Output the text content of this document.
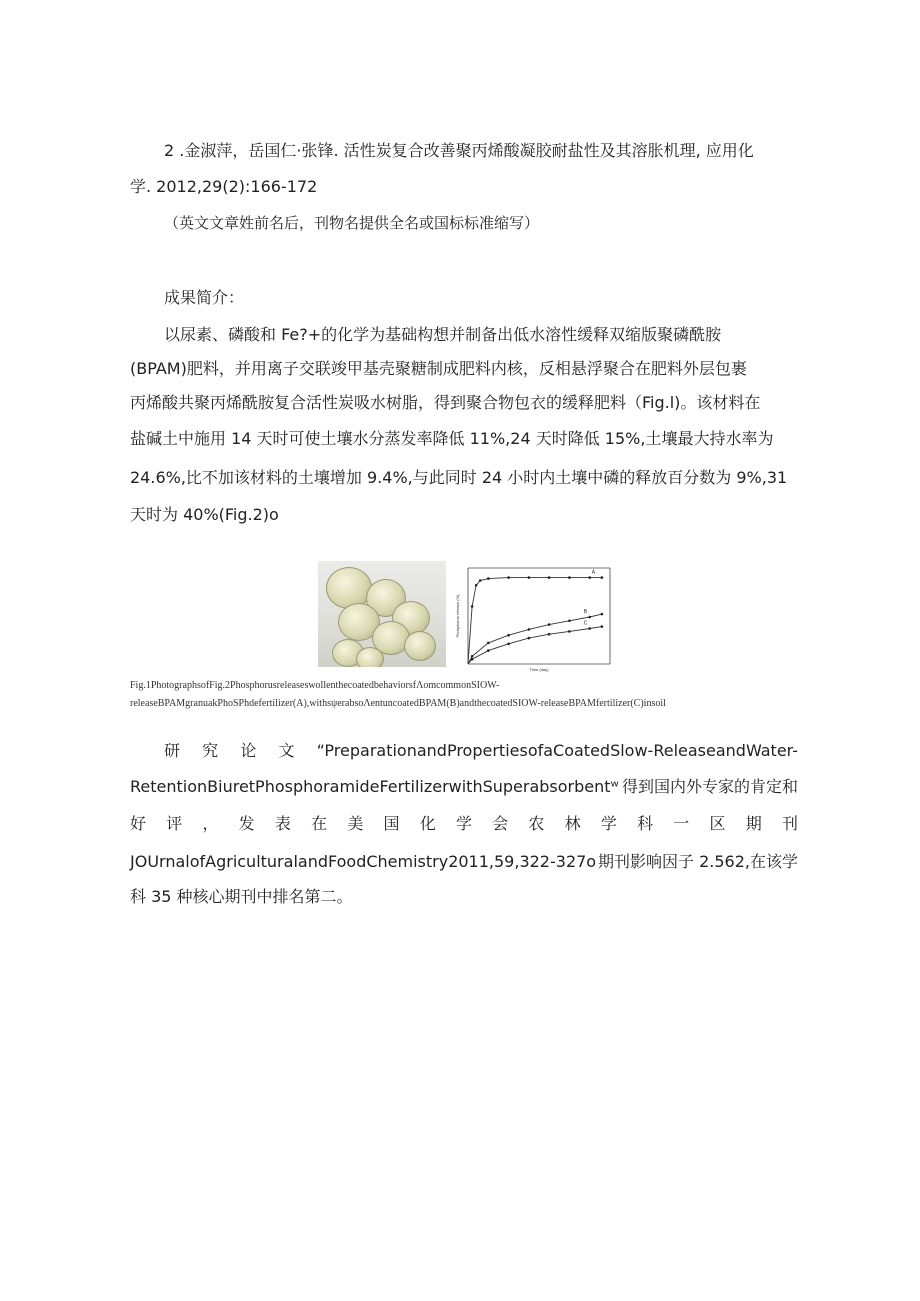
2 .金淑萍，岳国仁·张锋. 活性炭复合改善聚丙烯酸凝胶耐盐性及其溶胀机理, 应用化
学. 2012,29(2):166-172
（英文文章姓前名后，刊物名提供全名或国标标准缩写）
成果简介：
以尿素、磷酸和 Fe?+的化学为基础构想并制备出低水溶性缓释双缩版聚磷酰胺
(BPAM)肥料，并用离子交联竣甲基壳聚糖制成肥料内核，反相悬浮聚合在肥料外层包裹
丙烯酸共聚丙烯酰胺复合活性炭吸水树脂，得到聚合物包衣的缓释肥料（Fig.l)。该材料在
盐碱土中施用 14 天时可使土壤水分蒸发率降低 11%,24 天时降低 15%,土壤最大持水率为
24.6%,比不加该材料的土壤增加 9.4%,与此同时 24 小时内土壤中磷的释放百分数为 9%,31
天时为 40%(Fig.2)o
Phosphorus release (%)
Time (day)
A
B
C
Fig.1PhotographsofFig.2PhosphorusreleaseswollenthecoatedbehaviorsfΛomcommonSIOW-
releaseBPAMgranuakPhoSPhdefertilizer(A),withsψerabsoΛentuncoatedBPAM(B)andthecoatedSIOW-releaseBPAMfertilizer(C)insoil
研 究 论 文 “PreparationandPropertiesofaCoatedSlow-ReleaseandWater-
RetentionBiuretPhosphoramideFertilizerwithSuperabsorbentʷ 得到国内外专家的肯定和
好 评 ， 发 表 在 美 国 化 学 会 农 林 学 科 一 区 期 刊
JOUrnalofAgriculturalandFoodChemistry2011,59,322-327o 期刊影响因子 2.562,在该学
科 35 种核心期刊中排名第二。
